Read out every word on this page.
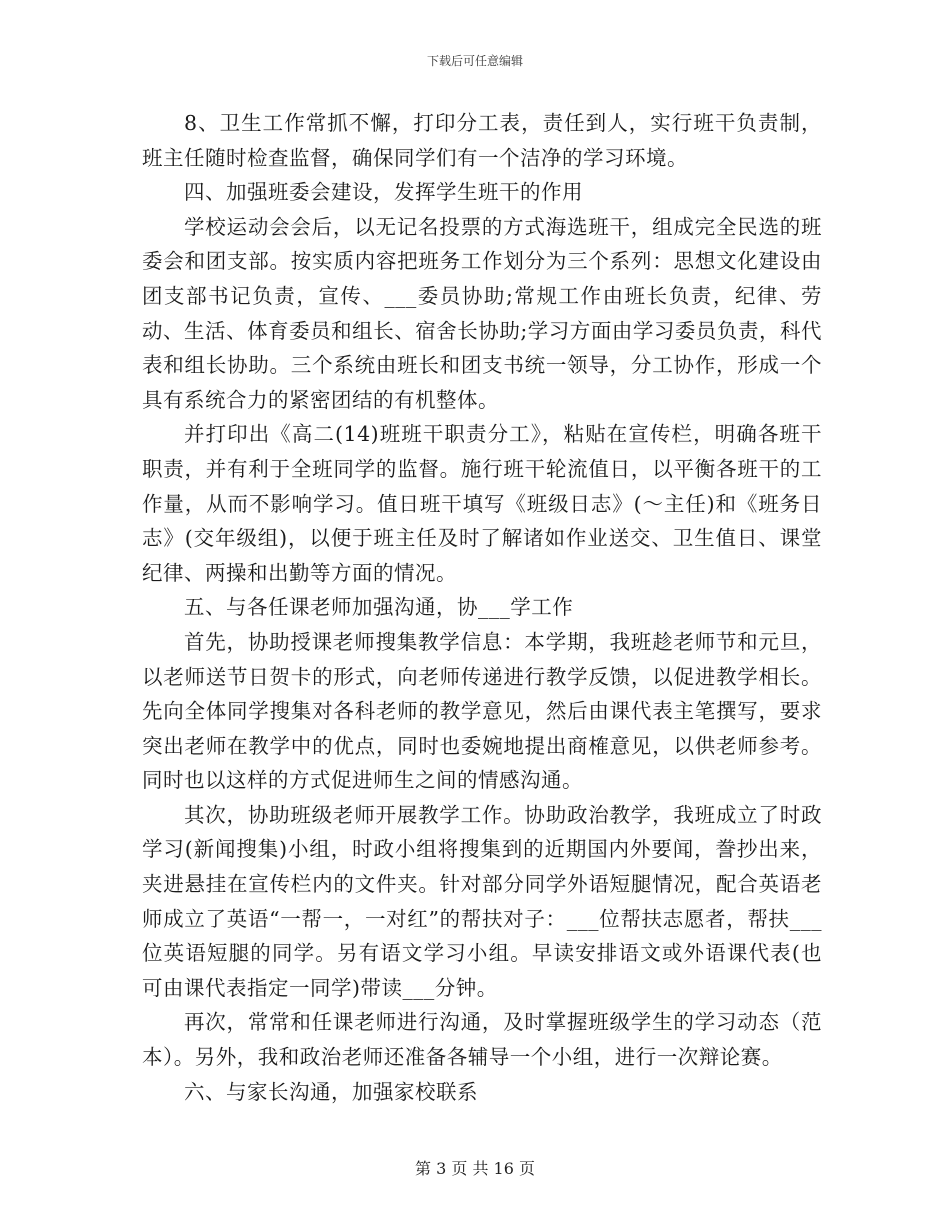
下载后可任意编辑

8、卫生工作常抓不懈，打印分工表，责任到人，实行班干负责制，班主任随时检查监督，确保同学们有一个洁净的学习环境。

四、加强班委会建设，发挥学生班干的作用

学校运动会会后，以无记名投票的方式海选班干，组成完全民选的班委会和团支部。按实质内容把班务工作划分为三个系列：思想文化建设由团支部书记负责，宣传、___委员协助;常规工作由班长负责，纪律、劳动、生活、体育委员和组长、宿舍长协助;学习方面由学习委员负责，科代表和组长协助。三个系统由班长和团支书统一领导，分工协作，形成一个具有系统合力的紧密团结的有机整体。

并打印出《高二(14)班班干职责分工》，粘贴在宣传栏，明确各班干职责，并有利于全班同学的监督。施行班干轮流值日，以平衡各班干的工作量，从而不影响学习。值日班干填写《班级日志》(～主任)和《班务日志》(交年级组)，以便于班主任及时了解诸如作业送交、卫生值日、课堂纪律、两操和出勤等方面的情况。

五、与各任课老师加强沟通，协___学工作

首先，协助授课老师搜集教学信息：本学期，我班趁老师节和元旦，以老师送节日贺卡的形式，向老师传递进行教学反馈，以促进教学相长。先向全体同学搜集对各科老师的教学意见，然后由课代表主笔撰写，要求突出老师在教学中的优点，同时也委婉地提出商榷意见，以供老师参考。同时也以这样的方式促进师生之间的情感沟通。

其次，协助班级老师开展教学工作。协助政治教学，我班成立了时政学习(新闻搜集)小组，时政小组将搜集到的近期国内外要闻，誊抄出来，夹进悬挂在宣传栏内的文件夹。针对部分同学外语短腿情况，配合英语老师成立了英语“一帮一，一对红”的帮扶对子：___位帮扶志愿者，帮扶___位英语短腿的同学。另有语文学习小组。早读安排语文或外语课代表(也可由课代表指定一同学)带读___分钟。

再次，常常和任课老师进行沟通，及时掌握班级学生的学习动态（范本）。另外，我和政治老师还准备各辅导一个小组，进行一次辩论赛。

六、与家长沟通，加强家校联系

第 3 页 共 16 页
